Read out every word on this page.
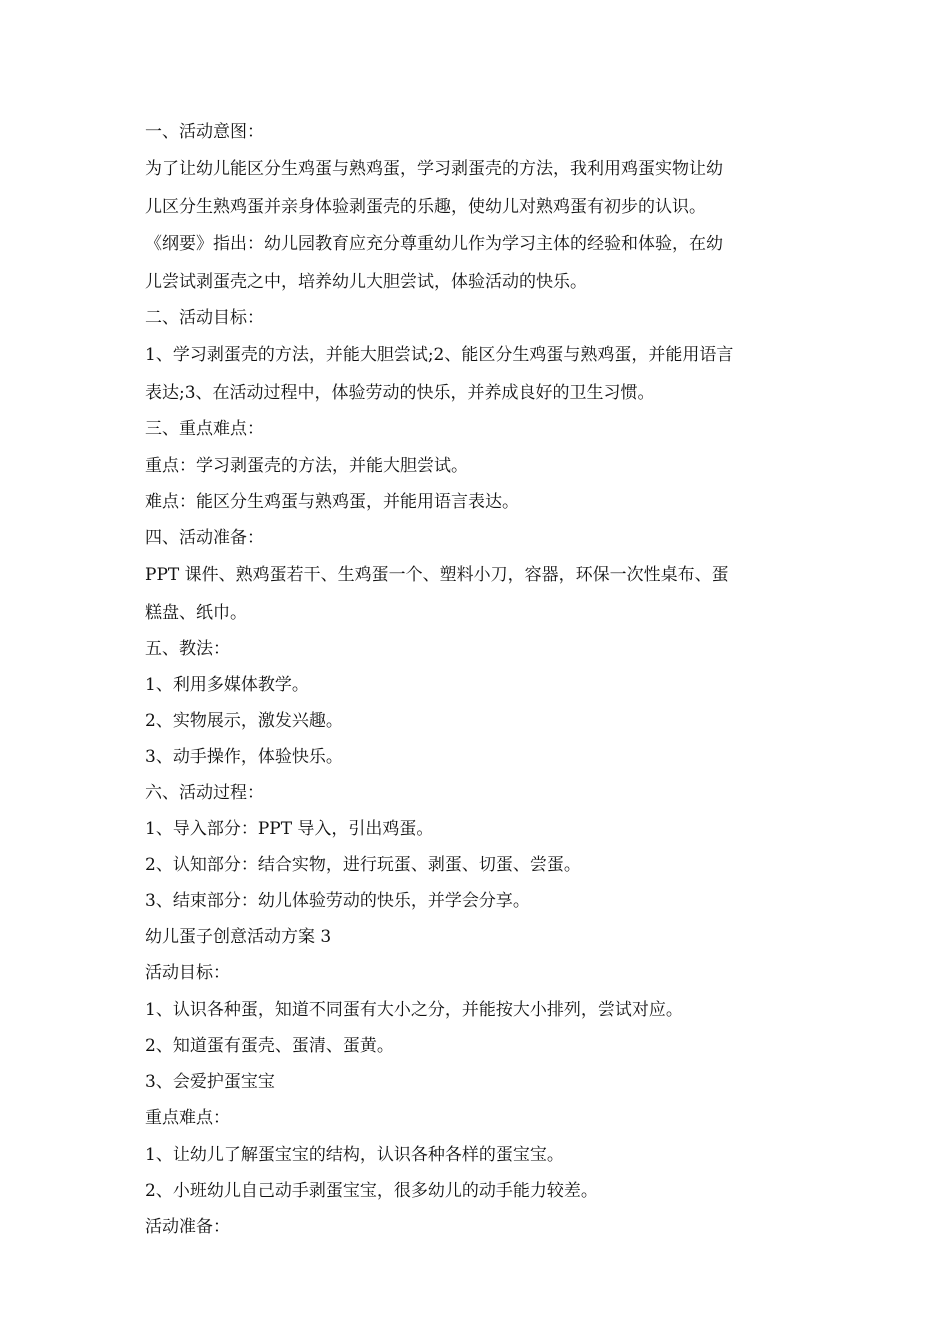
一、活动意图：

为了让幼儿能区分生鸡蛋与熟鸡蛋，学习剥蛋壳的方法，我利用鸡蛋实物让幼

儿区分生熟鸡蛋并亲身体验剥蛋壳的乐趣，使幼儿对熟鸡蛋有初步的认识。

《纲要》指出：幼儿园教育应充分尊重幼儿作为学习主体的经验和体验，在幼

儿尝试剥蛋壳之中，培养幼儿大胆尝试，体验活动的快乐。

二、活动目标：

1、学习剥蛋壳的方法，并能大胆尝试;2、能区分生鸡蛋与熟鸡蛋，并能用语言

表达;3、在活动过程中，体验劳动的快乐，并养成良好的卫生习惯。

三、重点难点：

重点：学习剥蛋壳的方法，并能大胆尝试。

难点：能区分生鸡蛋与熟鸡蛋，并能用语言表达。

四、活动准备：

PPT 课件、熟鸡蛋若干、生鸡蛋一个、塑料小刀，容器，环保一次性桌布、蛋

糕盘、纸巾。

五、教法：

1、利用多媒体教学。

2、实物展示，激发兴趣。

3、动手操作，体验快乐。

六、活动过程：

1、导入部分：PPT 导入，引出鸡蛋。

2、认知部分：结合实物，进行玩蛋、剥蛋、切蛋、尝蛋。

3、结束部分：幼儿体验劳动的快乐，并学会分享。

幼儿蛋子创意活动方案 3

活动目标：

1、认识各种蛋，知道不同蛋有大小之分，并能按大小排列，尝试对应。

2、知道蛋有蛋壳、蛋清、蛋黄。

3、会爱护蛋宝宝

重点难点：

1、让幼儿了解蛋宝宝的结构，认识各种各样的蛋宝宝。

2、小班幼儿自己动手剥蛋宝宝，很多幼儿的动手能力较差。

活动准备：
